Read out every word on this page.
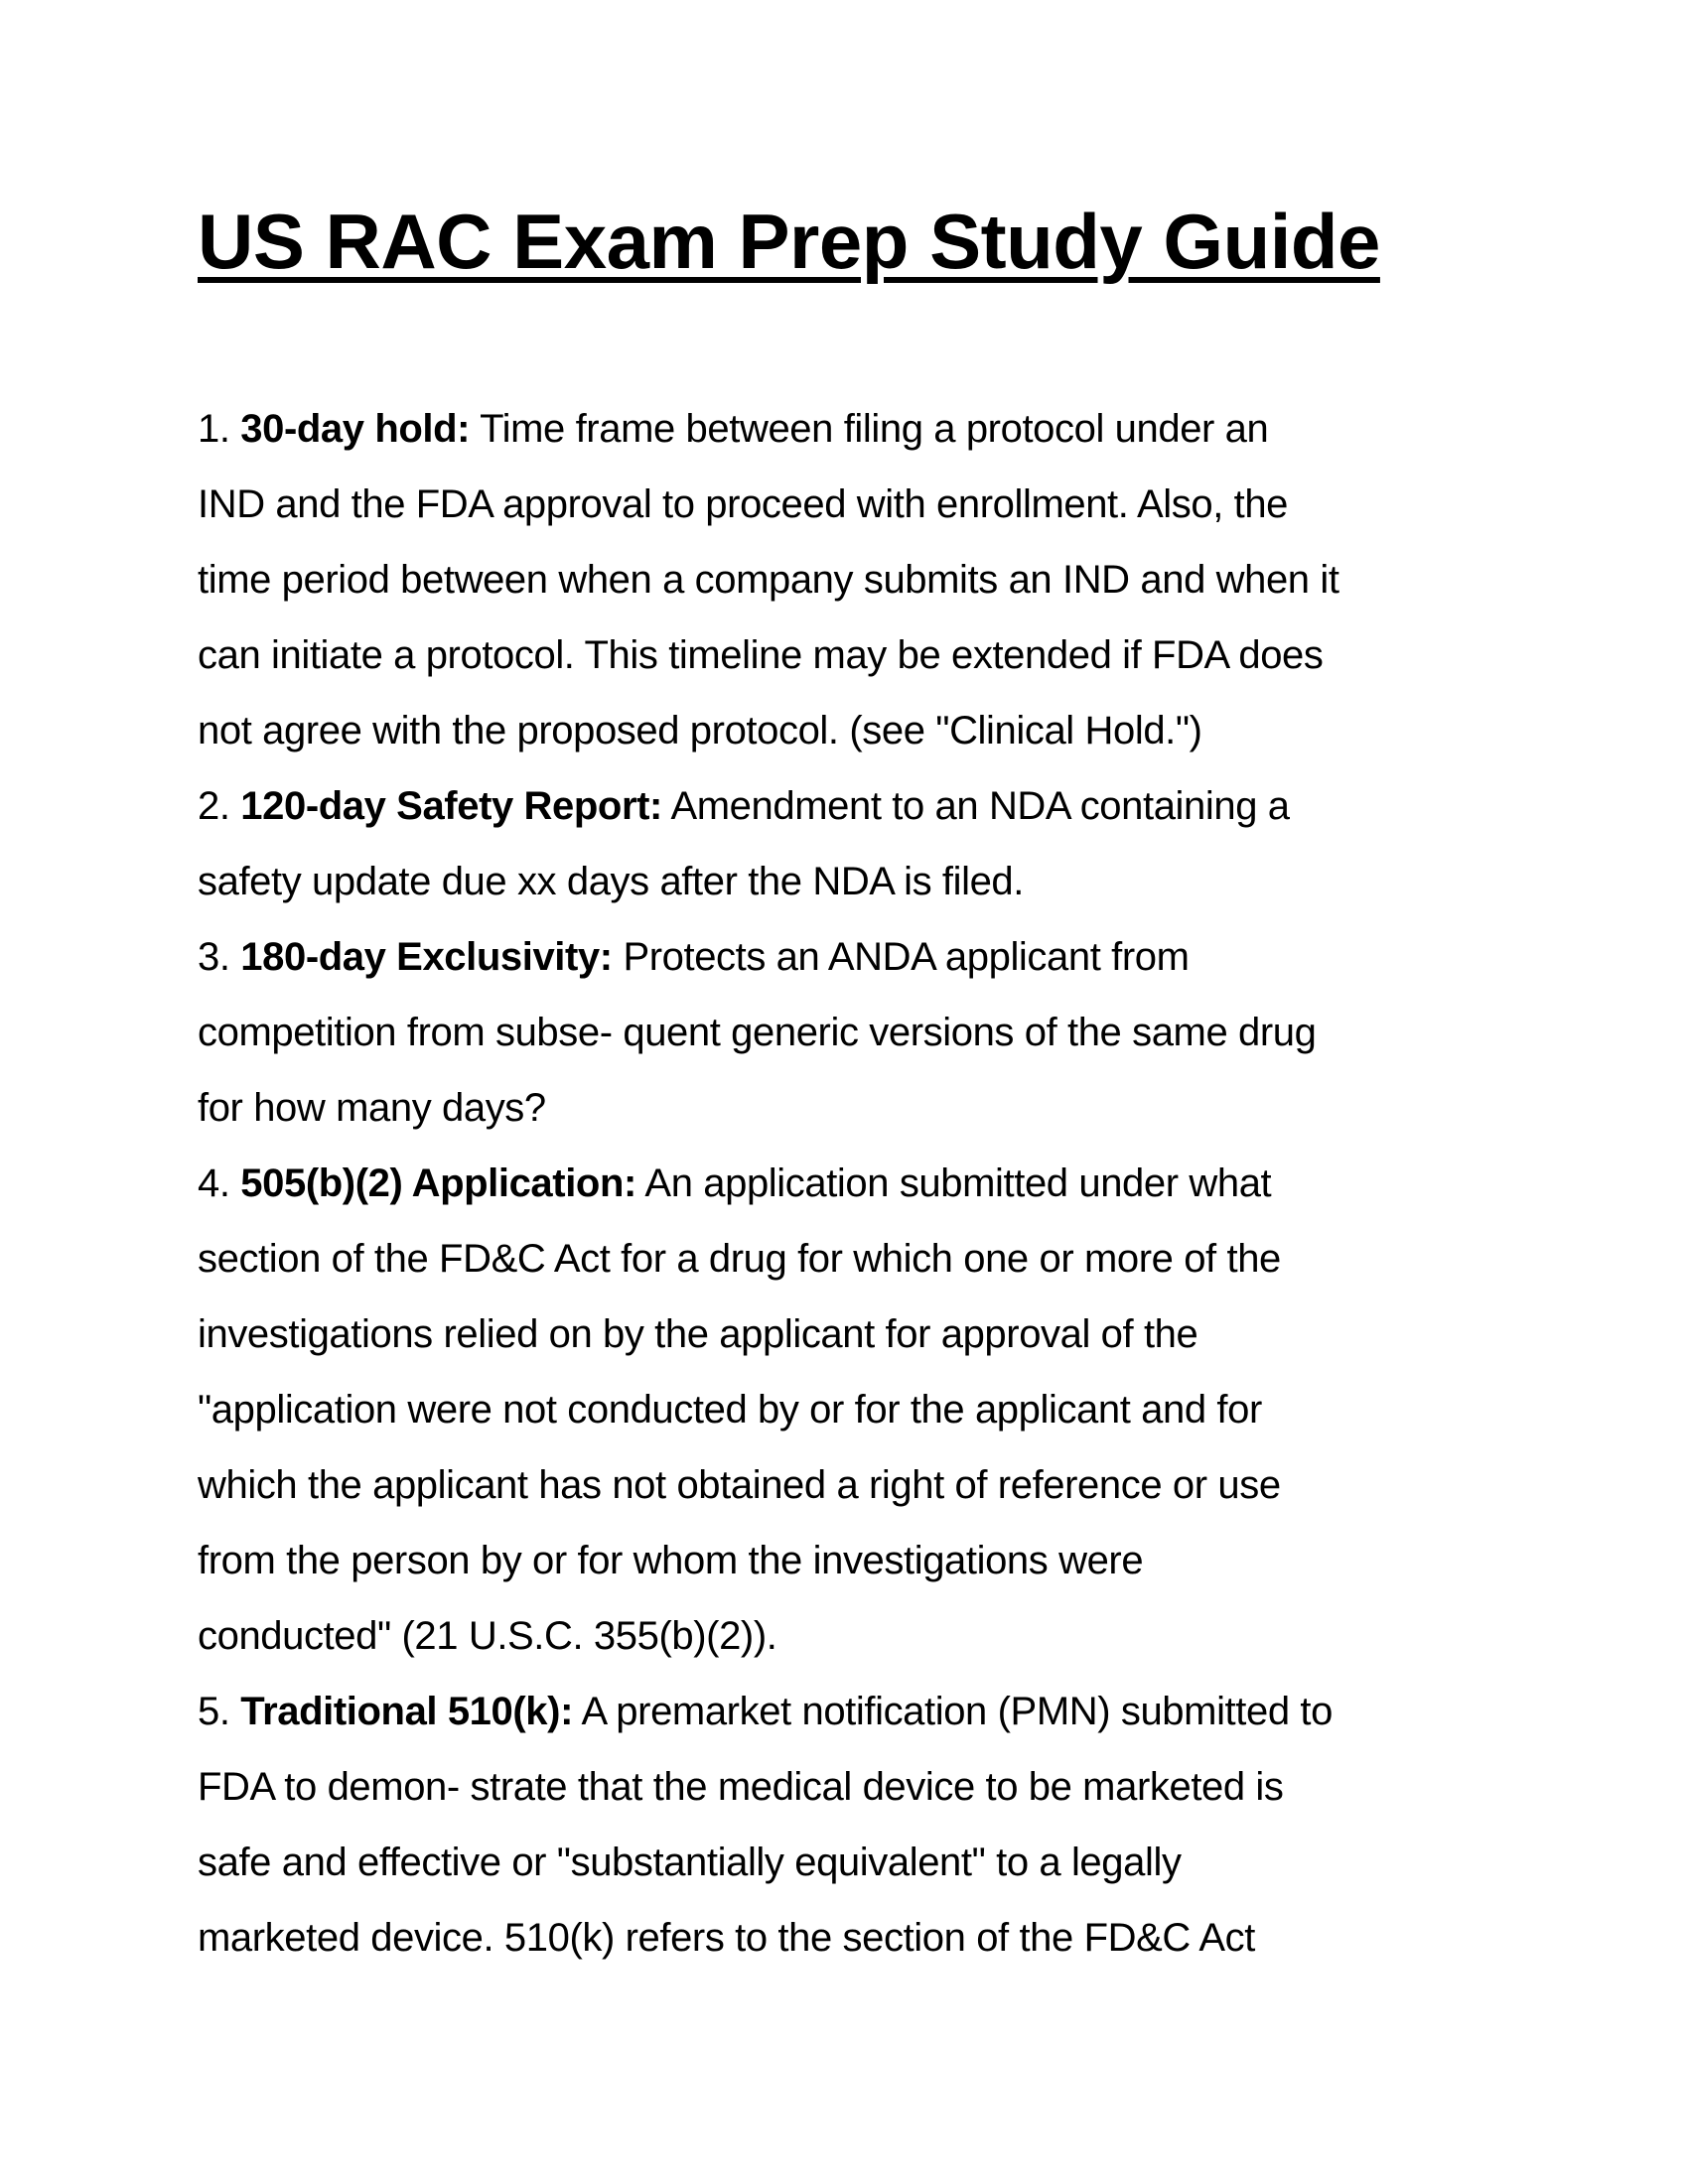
US RAC Exam Prep Study Guide
1. 30-day hold: Time frame between filing a protocol under an
IND and the FDA approval to proceed with enrollment. Also, the
time period between when a company submits an IND and when it
can initiate a protocol. This timeline may be extended if FDA does
not agree with the proposed protocol. (see "Clinical Hold.")
2. 120-day Safety Report: Amendment to an NDA containing a
safety update due xx days after the NDA is filed.
3. 180-day Exclusivity: Protects an ANDA applicant from
competition from subse- quent generic versions of the same drug
for how many days?
4. 505(b)(2) Application: An application submitted under what
section of the FD&C Act for a drug for which one or more of the
investigations relied on by the applicant for approval of the
"application were not conducted by or for the applicant and for
which the applicant has not obtained a right of reference or use
from the person by or for whom the investigations were
conducted" (21 U.S.C. 355(b)(2)).
5. Traditional 510(k): A premarket notification (PMN) submitted to
FDA to demon- strate that the medical device to be marketed is
safe and effective or "substantially equivalent" to a legally
marketed device. 510(k) refers to the section of the FD&C Act
